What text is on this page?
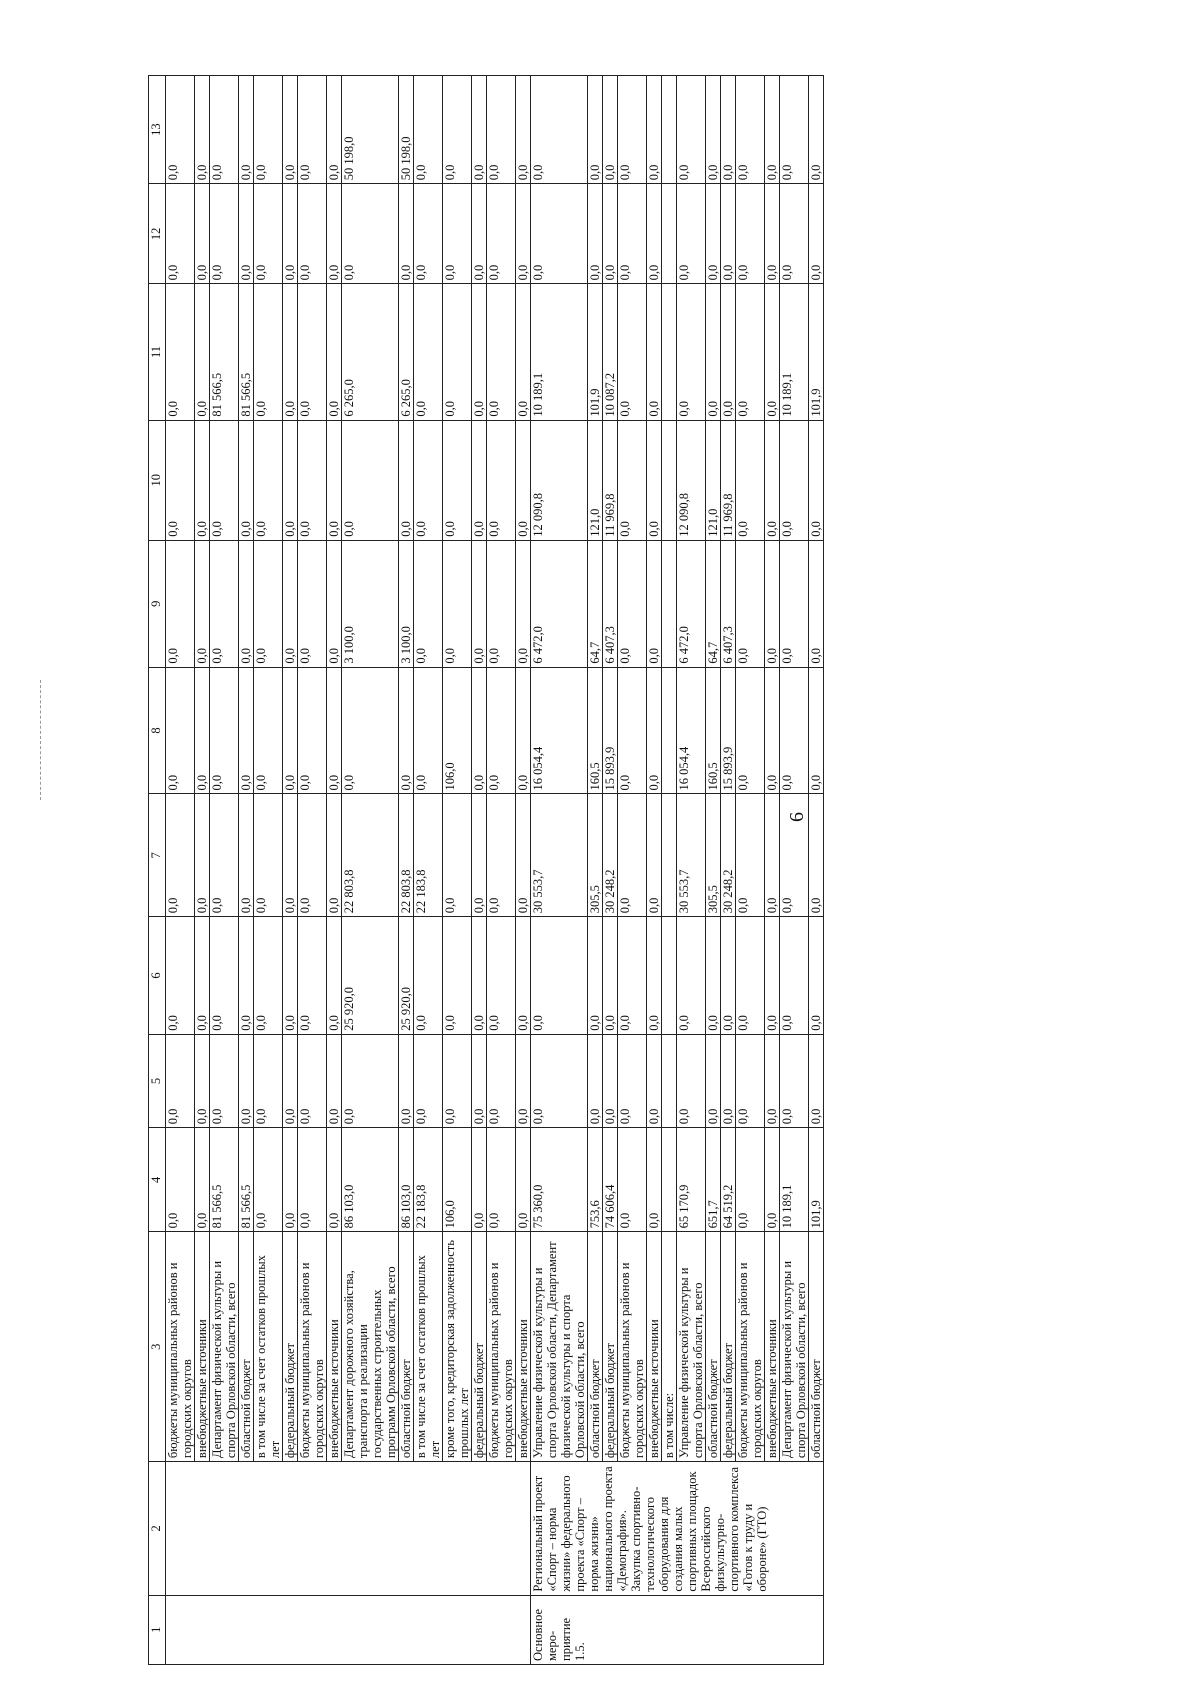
6
1	2	3	4	5	6	7	8	9	10	11	12	13
		бюджеты муниципальных районов и городских округов	0,0	0,0	0,0	0,0	0,0	0,0	0,0	0,0	0,0	0,0
		внебюджетные источники	0,0	0,0	0,0	0,0	0,0	0,0	0,0	0,0	0,0	0,0
		Департамент физической культуры и спорта Орловской области, всего	81 566,5	0,0	0,0	0,0	0,0	0,0	0,0	81 566,5	0,0	0,0
		областной бюджет	81 566,5	0,0	0,0	0,0	0,0	0,0	0,0	81 566,5	0,0	0,0
		в том числе за счет остатков прошлых лет	0,0	0,0	0,0	0,0	0,0	0,0	0,0	0,0	0,0	0,0
		федеральный бюджет	0,0	0,0	0,0	0,0	0,0	0,0	0,0	0,0	0,0	0,0
		бюджеты муниципальных районов и городских округов	0,0	0,0	0,0	0,0	0,0	0,0	0,0	0,0	0,0	0,0
		внебюджетные источники	0,0	0,0	0,0	0,0	0,0	0,0	0,0	0,0	0,0	0,0
		Департамент дорожного хозяйства, транспорта и реализации государственных строительных программ Орловской области, всего	86 103,0	0,0	25 920,0	22 803,8	0,0	3 100,0	0,0	6 265,0	0,0	50 198,0
		областной бюджет	86 103,0	0,0	25 920,0	22 803,8	0,0	3 100,0	0,0	6 265,0	0,0	50 198,0
		в том числе за счет остатков прошлых лет	22 183,8	0,0	0,0	22 183,8	0,0	0,0	0,0	0,0	0,0	0,0
		кроме того, кредиторская задолженность прошлых лет	106,0	0,0	0,0	0,0	106,0	0,0	0,0	0,0	0,0	0,0
		федеральный бюджет	0,0	0,0	0,0	0,0	0,0	0,0	0,0	0,0	0,0	0,0
		бюджеты муниципальных районов и городских округов	0,0	0,0	0,0	0,0	0,0	0,0	0,0	0,0	0,0	0,0
		внебюджетные источники	0,0	0,0	0,0	0,0	0,0	0,0	0,0	0,0	0,0	0,0
Основное меро-приятие 1.5.	Региональный проект «Спорт – норма жизни» федерального проекта «Спорт – норма жизни» национального проекта «Демография». Закупка спортивно-технологического оборудования для создания малых спортивных площадок Всероссийского физкультурно-спортивного комплекса «Готов к труду и обороне» (ГТО)	Управление физической культуры и спорта Орловской области, Департамент физической культуры и спорта Орловской области, всего	75 360,0	0,0	0,0	30 553,7	16 054,4	6 472,0	12 090,8	10 189,1	0,0	0,0
		областной бюджет	753,6	0,0	0,0	305,5	160,5	64,7	121,0	101,9	0,0	0,0
		федеральный бюджет	74 606,4	0,0	0,0	30 248,2	15 893,9	6 407,3	11 969,8	10 087,2	0,0	0,0
		бюджеты муниципальных районов и городских округов	0,0	0,0	0,0	0,0	0,0	0,0	0,0	0,0	0,0	0,0
		внебюджетные источники	0,0	0,0	0,0	0,0	0,0	0,0	0,0	0,0	0,0	0,0
		в том числе:										
		Управление физической культуры и спорта Орловской области, всего	65 170,9	0,0	0,0	30 553,7	16 054,4	6 472,0	12 090,8	0,0	0,0	0,0
		областной бюджет	651,7	0,0	0,0	305,5	160,5	64,7	121,0	0,0	0,0	0,0
		федеральный бюджет	64 519,2	0,0	0,0	30 248,2	15 893,9	6 407,3	11 969,8	0,0	0,0	0,0
		бюджеты муниципальных районов и городских округов	0,0	0,0	0,0	0,0	0,0	0,0	0,0	0,0	0,0	0,0
		внебюджетные источники	0,0	0,0	0,0	0,0	0,0	0,0	0,0	0,0	0,0	0,0
		Департамент физической культуры и спорта Орловской области, всего	10 189,1	0,0	0,0	0,0	0,0	0,0	0,0	10 189,1	0,0	0,0
		областной бюджет	101,9	0,0	0,0	0,0	0,0	0,0	0,0	101,9	0,0	0,0
